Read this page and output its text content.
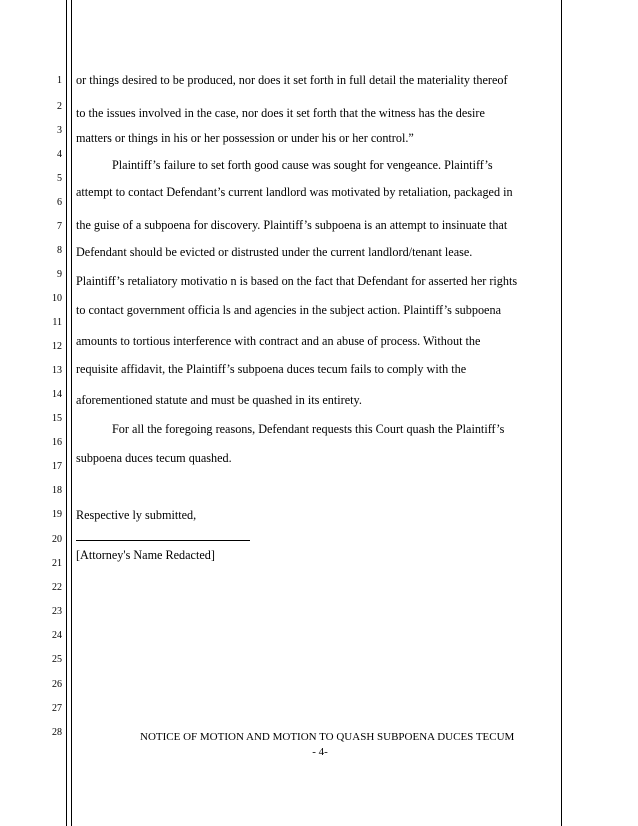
1
2
3
4
5
6
7
8
9
10
11
12
13
14
15
16
17
18
19
20
21
22
23
24
25
26
27
28
or things desired to be produced, nor does it set forth in full detail the materiality thereof
to the issues involved in the case, nor does it set forth that the witness has the desire
matters or things in his or her possession or under his or her control.”
Plaintiff’s failure to set forth good cause was sought for vengeance. Plaintiff’s
attempt to contact Defendant’s current landlord was motivated by retaliation, packaged in
the guise of a subpoena for discovery. Plaintiff’s subpoena is an attempt to insinuate that
Defendant should be evicted or distrusted under the current landlord/tenant lease.
Plaintiff’s retaliatory motivatio n is based on the fact that Defendant for asserted her rights
to contact government officia ls and agencies in the subject action. Plaintiff’s subpoena
amounts to tortious interference with contract and an abuse of process. Without the
requisite affidavit, the Plaintiff’s subpoena duces tecum fails to comply with the
aforementioned statute and must be quashed in its entirety.
For all the foregoing reasons, Defendant requests this Court quash the Plaintiff’s
subpoena duces tecum quashed.
Respective ly submitted,
[Attorney's Name Redacted]
NOTICE OF MOTION AND MOTION TO QUASH SUBPOENA DUCES TECUM
- 4-
